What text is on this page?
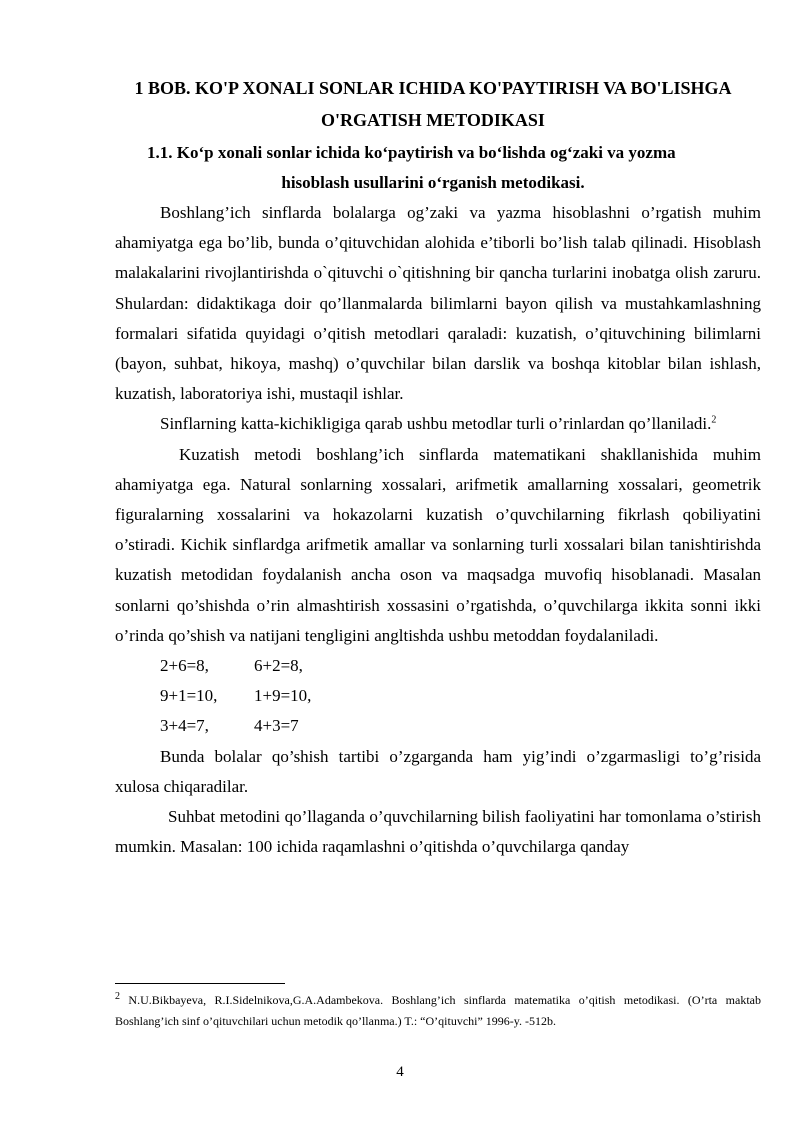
1 BOB. KO'P XONALI SONLAR ICHIDA KO'PAYTIRISH VA BO'LISHGA
O'RGATISH METODIKASI
1.1. Ko‘p xonali sonlar ichida ko‘paytirish va bo‘lishda og‘zaki va yozma
hisoblash usullarini o‘rganish metodikasi.

Boshlang’ich sinflarda bolalarga og’zaki va yazma hisoblashni o’rgatish muhim ahamiyatga ega bo’lib, bunda o’qituvchidan alohida e’tiborli bo’lish talab qilinadi. Hisoblash malakalarini rivojlantirishda o`qituvchi o`qitishning bir qancha turlarini inobatga olish zaruru. Shulardan: didaktikaga doir qo’llanmalarda bilimlarni bayon qilish va mustahkamlashning formalari sifatida quyidagi o’qitish metodlari qaraladi: kuzatish, o’qituvchining bilimlarni (bayon, suhbat, hikoya, mashq) o’quvchilar bilan darslik va boshqa kitoblar bilan ishlash, kuzatish, laboratoriya ishi, mustaqil ishlar.

Sinflarning katta-kichikligiga qarab ushbu metodlar turli o’rinlardan qo’llaniladi.$^2$

Kuzatish metodi boshlang’ich sinflarda matematikani shakllanishida muhim ahamiyatga ega. Natural sonlarning xossalari, arifmetik amallarning xossalari, geometrik figuralarning xossalarini va hokazolarni kuzatish o’quvchilarning fikrlash qobiliyatini o’stiradi. Kichik sinflardga arifmetik amallar va sonlarning turli xossalari bilan tanishtirishda kuzatish metodidan foydalanish ancha oson va maqsadga muvofiq hisoblanadi. Masalan sonlarni qo’shishda o’rin almashtirish xossasini o’rgatishda, o’quvchilarga ikkita sonni ikki o’rinda qo’shish va natijani tengligini angltishda ushbu metoddan foydalaniladi.

2+6=8,	6+2=8,
9+1=10,	1+9=10,
3+4=7,	4+3=7

Bunda bolalar qo’shish tartibi o’zgarganda ham yig’indi o’zgarmasligi to’g’risida xulosa chiqaradilar.

Suhbat metodini qo’llaganda o’quvchilarning bilish faoliyatini har tomonlama o’stirish mumkin. Masalan: 100 ichida raqamlashni o’qitishda o’quvchilarga qanday

$^2$ N.U.Bikbayeva, R.I.Sidelnikova,G.A.Adambekova. Boshlang’ich sinflarda matematika o’qitish metodikasi. (O’rta maktab Boshlang’ich sinf o’qituvchilari uchun metodik qo’llanma.) T.: “O’qituvchi” 1996-y. -512b.
4
